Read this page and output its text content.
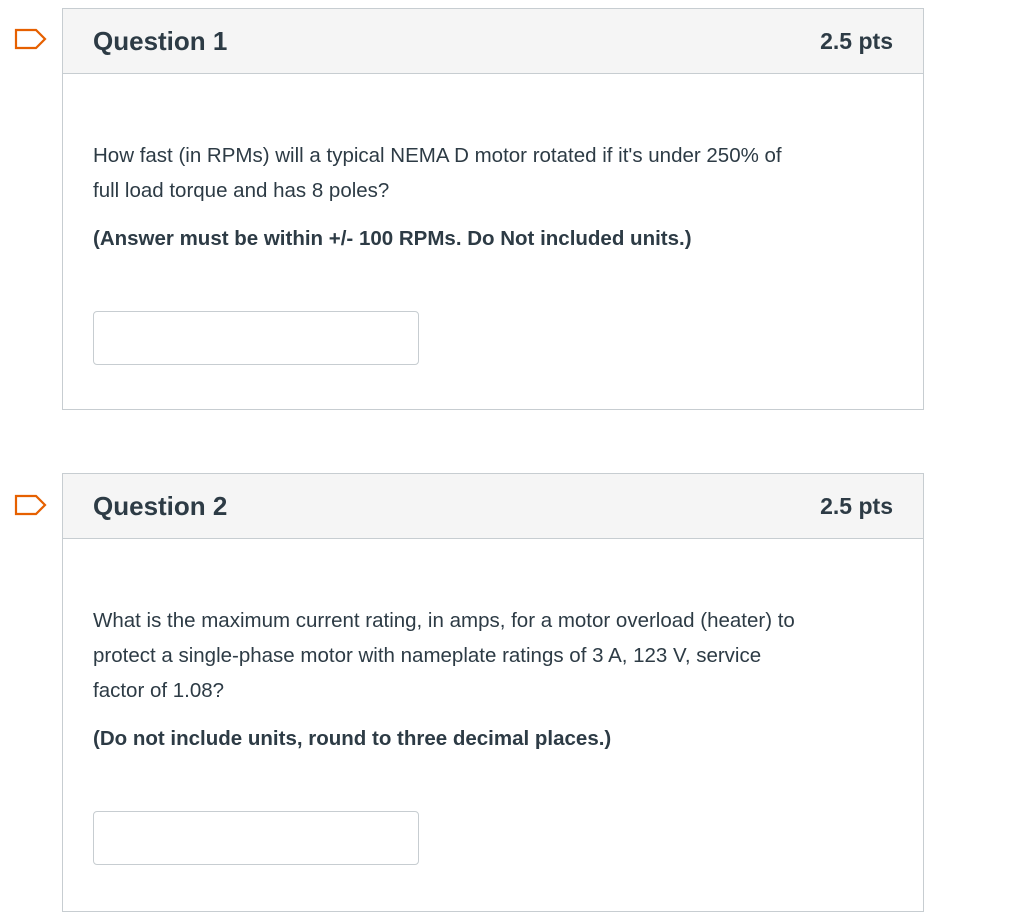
Question 1	2.5 pts

How fast (in RPMs) will a typical NEMA D motor rotated if it's under 250% of
full load torque and has 8 poles?

(Answer must be within +/- 100 RPMs. Do Not included units.)

Question 2	2.5 pts

What is the maximum current rating, in amps, for a motor overload (heater) to
protect a single-phase motor with nameplate ratings of 3 A, 123 V, service
factor of 1.08?

(Do not include units, round to three decimal places.)
